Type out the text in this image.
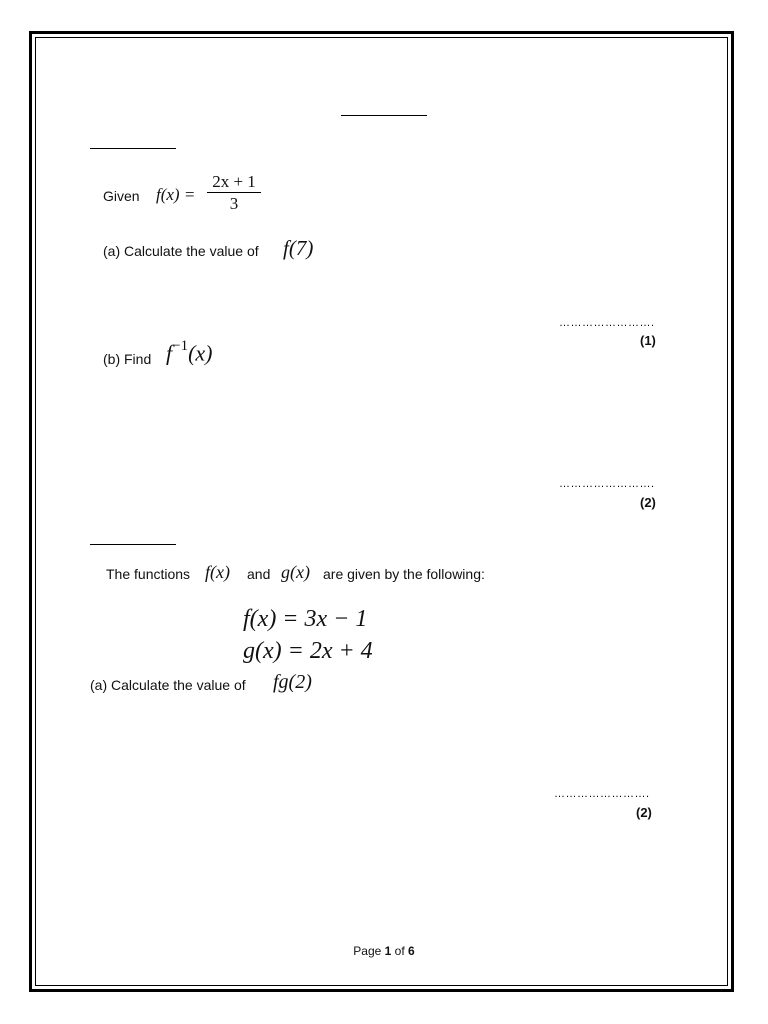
Given f(x) =
2x + 1
3
(a) Calculate the value of f(7)
…………………….
(1)
(b) Find $f^{-1}(x)$
…………………….
(2)
The functions f(x) and g(x) are given by the following:
f(x) = 3x − 1
g(x) = 2x + 4
(a) Calculate the value of fg(2)
…………………….
(2)
Page 1 of 6
